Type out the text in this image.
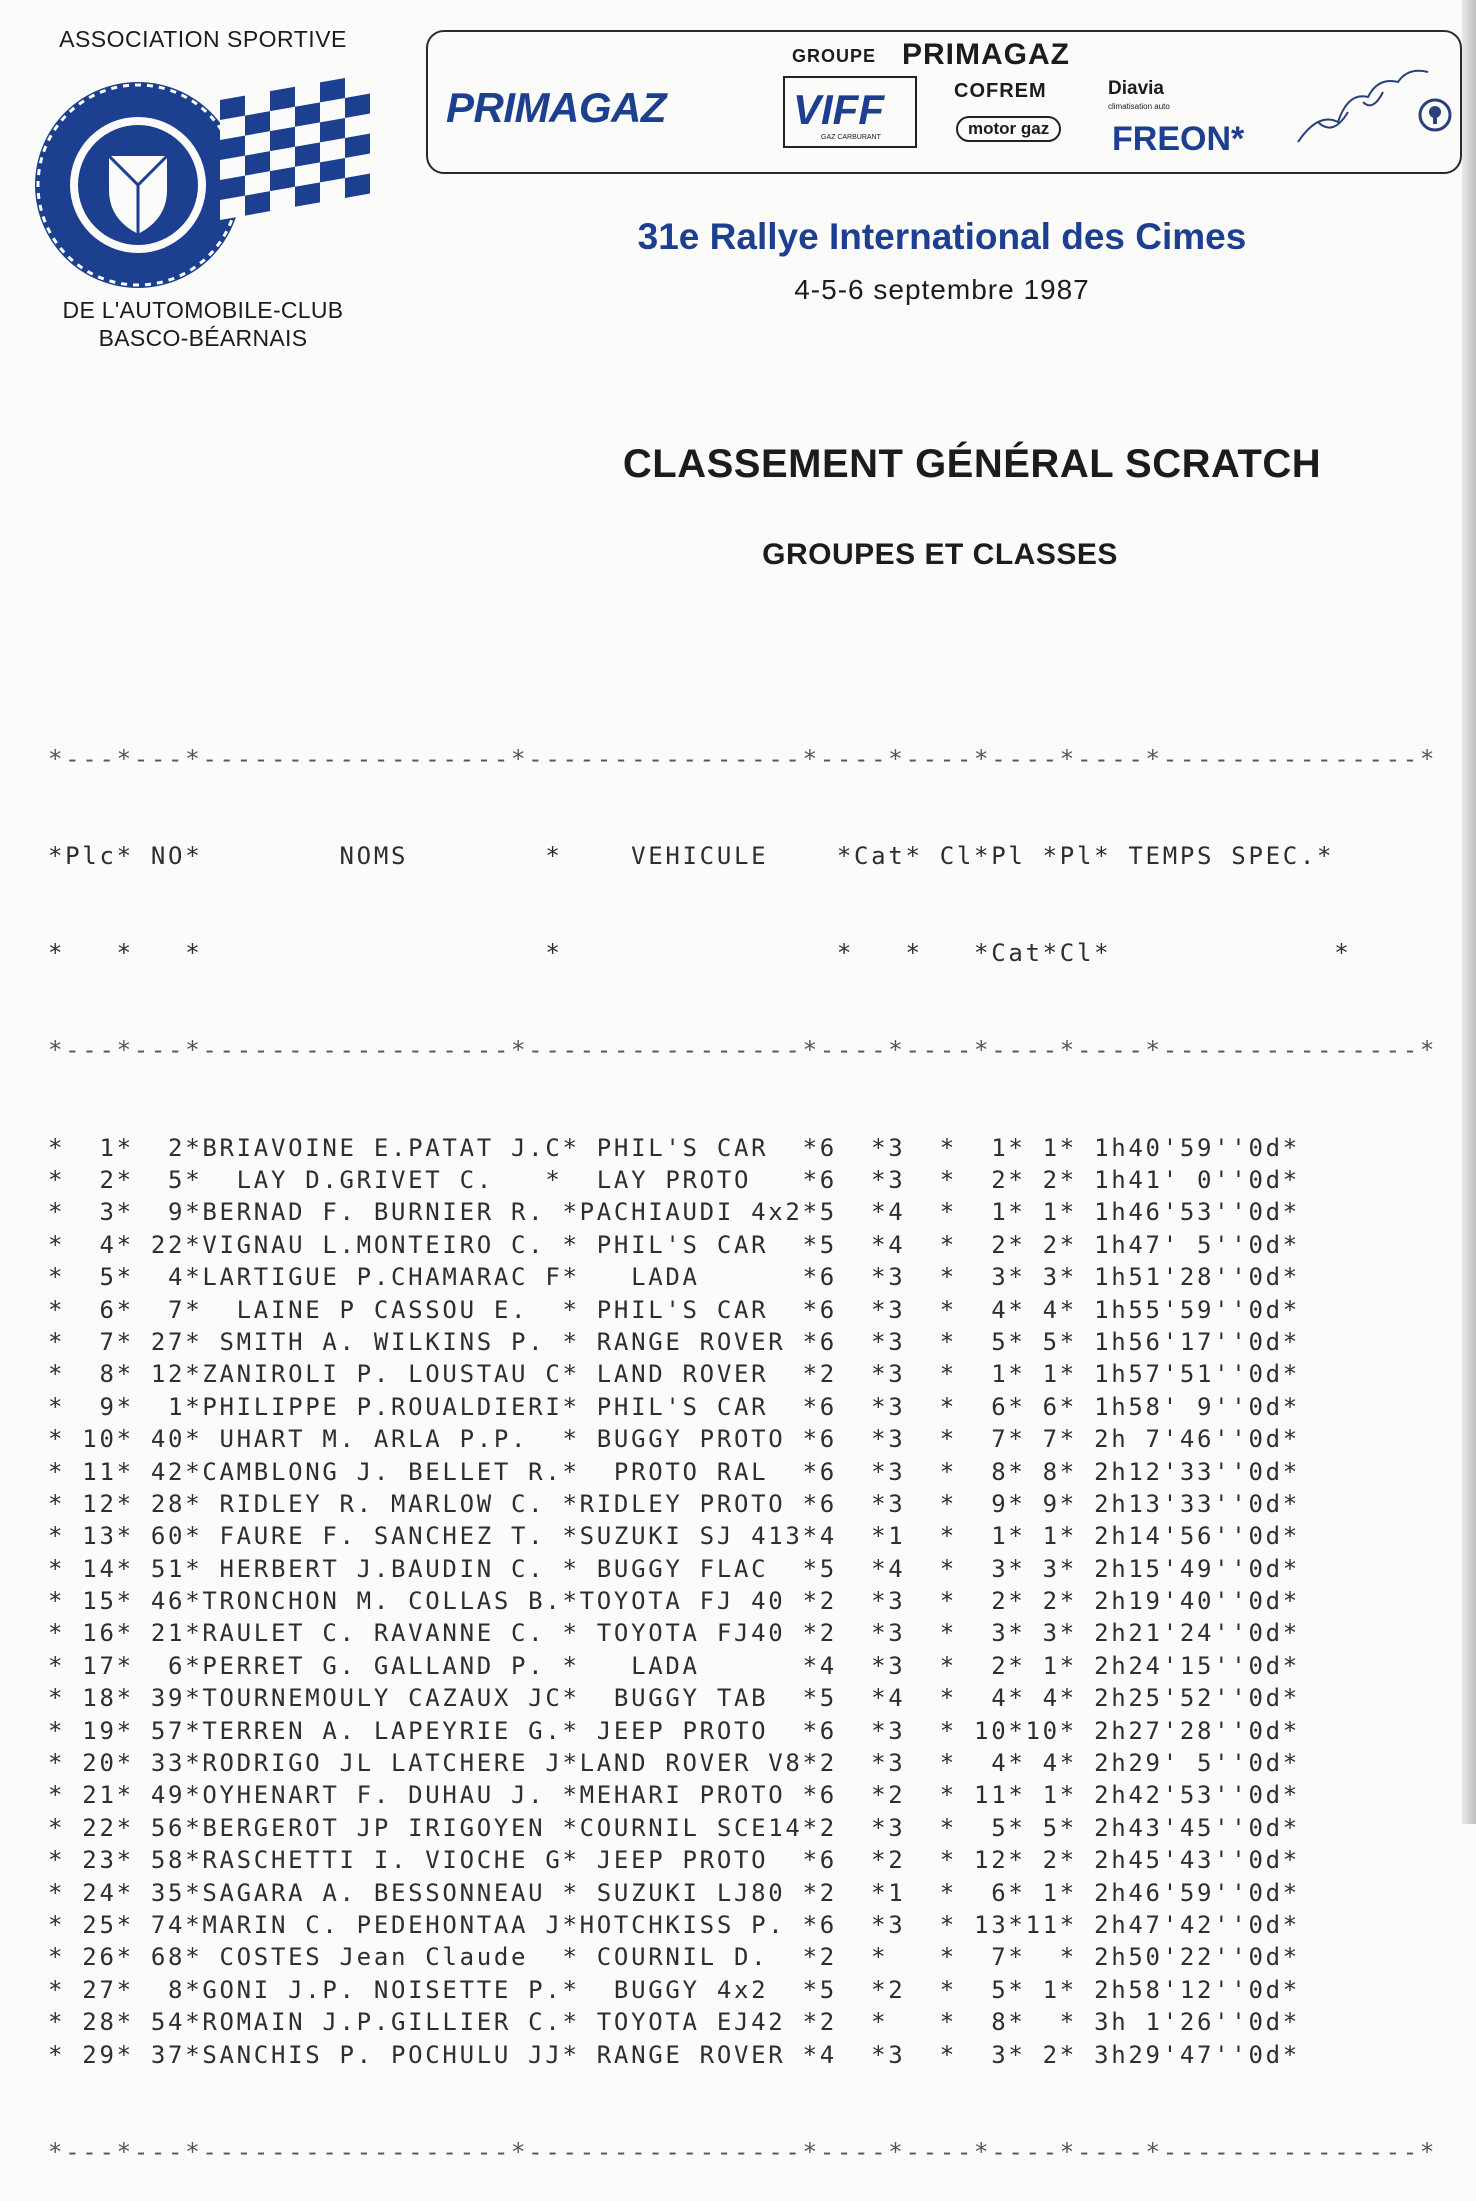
ASSOCIATION SPORTIVE
DE L'AUTOMOBILE-CLUB
BASCO-BÉARNAIS
GROUPE PRIMAGAZ
PRIMAGAZ	VIFF
GAZ CARBURANT
COFREM
motor gaz
Diavia
climatisation auto
FREON*
31e Rallye International des Cimes
4-5-6 septembre 1987
CLASSEMENT GÉNÉRAL SCRATCH
GROUPES ET CLASSES

*---*---*------------------*----------------*----*----*----*----*---------------*

*Plc* NO*        NOMS        *    VEHICULE    *Cat* Cl*Pl *Pl* TEMPS SPEC.*

*   *   *                    *                *   *   *Cat*Cl*             *

*---*---*------------------*----------------*----*----*----*----*---------------*

*  1*  2*BRIAVOINE E.PATAT J.C* PHIL'S CAR  *6  *3  *  1* 1* 1h40'59''0d*
*  2*  5*  LAY D.GRIVET C.   *  LAY PROTO   *6  *3  *  2* 2* 1h41' 0''0d*
*  3*  9*BERNAD F. BURNIER R. *PACHIAUDI 4x2*5  *4  *  1* 1* 1h46'53''0d*
*  4* 22*VIGNAU L.MONTEIRO C. * PHIL'S CAR  *5  *4  *  2* 2* 1h47' 5''0d*
*  5*  4*LARTIGUE P.CHAMARAC F*   LADA      *6  *3  *  3* 3* 1h51'28''0d*
*  6*  7*  LAINE P CASSOU E.  * PHIL'S CAR  *6  *3  *  4* 4* 1h55'59''0d*
*  7* 27* SMITH A. WILKINS P. * RANGE ROVER *6  *3  *  5* 5* 1h56'17''0d*
*  8* 12*ZANIROLI P. LOUSTAU C* LAND ROVER  *2  *3  *  1* 1* 1h57'51''0d*
*  9*  1*PHILIPPE P.ROUALDIERI* PHIL'S CAR  *6  *3  *  6* 6* 1h58' 9''0d*
* 10* 40* UHART M. ARLA P.P.  * BUGGY PROTO *6  *3  *  7* 7* 2h 7'46''0d*
* 11* 42*CAMBLONG J. BELLET R.*  PROTO RAL  *6  *3  *  8* 8* 2h12'33''0d*
* 12* 28* RIDLEY R. MARLOW C. *RIDLEY PROTO *6  *3  *  9* 9* 2h13'33''0d*
* 13* 60* FAURE F. SANCHEZ T. *SUZUKI SJ 413*4  *1  *  1* 1* 2h14'56''0d*
* 14* 51* HERBERT J.BAUDIN C. * BUGGY FLAC  *5  *4  *  3* 3* 2h15'49''0d*
* 15* 46*TRONCHON M. COLLAS B.*TOYOTA FJ 40 *2  *3  *  2* 2* 2h19'40''0d*
* 16* 21*RAULET C. RAVANNE C. * TOYOTA FJ40 *2  *3  *  3* 3* 2h21'24''0d*
* 17*  6*PERRET G. GALLAND P. *   LADA      *4  *3  *  2* 1* 2h24'15''0d*
* 18* 39*TOURNEMOULY CAZAUX JC*  BUGGY TAB  *5  *4  *  4* 4* 2h25'52''0d*
* 19* 57*TERREN A. LAPEYRIE G.* JEEP PROTO  *6  *3  * 10*10* 2h27'28''0d*
* 20* 33*RODRIGO JL LATCHERE J*LAND ROVER V8*2  *3  *  4* 4* 2h29' 5''0d*
* 21* 49*OYHENART F. DUHAU J. *MEHARI PROTO *6  *2  * 11* 1* 2h42'53''0d*
* 22* 56*BERGEROT JP IRIGOYEN *COURNIL SCE14*2  *3  *  5* 5* 2h43'45''0d*
* 23* 58*RASCHETTI I. VIOCHE G* JEEP PROTO  *6  *2  * 12* 2* 2h45'43''0d*
* 24* 35*SAGARA A. BESSONNEAU * SUZUKI LJ80 *2  *1  *  6* 1* 2h46'59''0d*
* 25* 74*MARIN C. PEDEHONTAA J*HOTCHKISS P. *6  *3  * 13*11* 2h47'42''0d*
* 26* 68* COSTES Jean Claude  * COURNIL D.  *2  *   *  7*  * 2h50'22''0d*
* 27*  8*GONI J.P. NOISETTE P.*  BUGGY 4x2  *5  *2  *  5* 1* 2h58'12''0d*
* 28* 54*ROMAIN J.P.GILLIER C.* TOYOTA EJ42 *2  *   *  8*  * 3h 1'26''0d*
* 29* 37*SANCHIS P. POCHULU JJ* RANGE ROVER *4  *3  *  3* 2* 3h29'47''0d*

*---*---*------------------*----------------*----*----*----*----*---------------*
